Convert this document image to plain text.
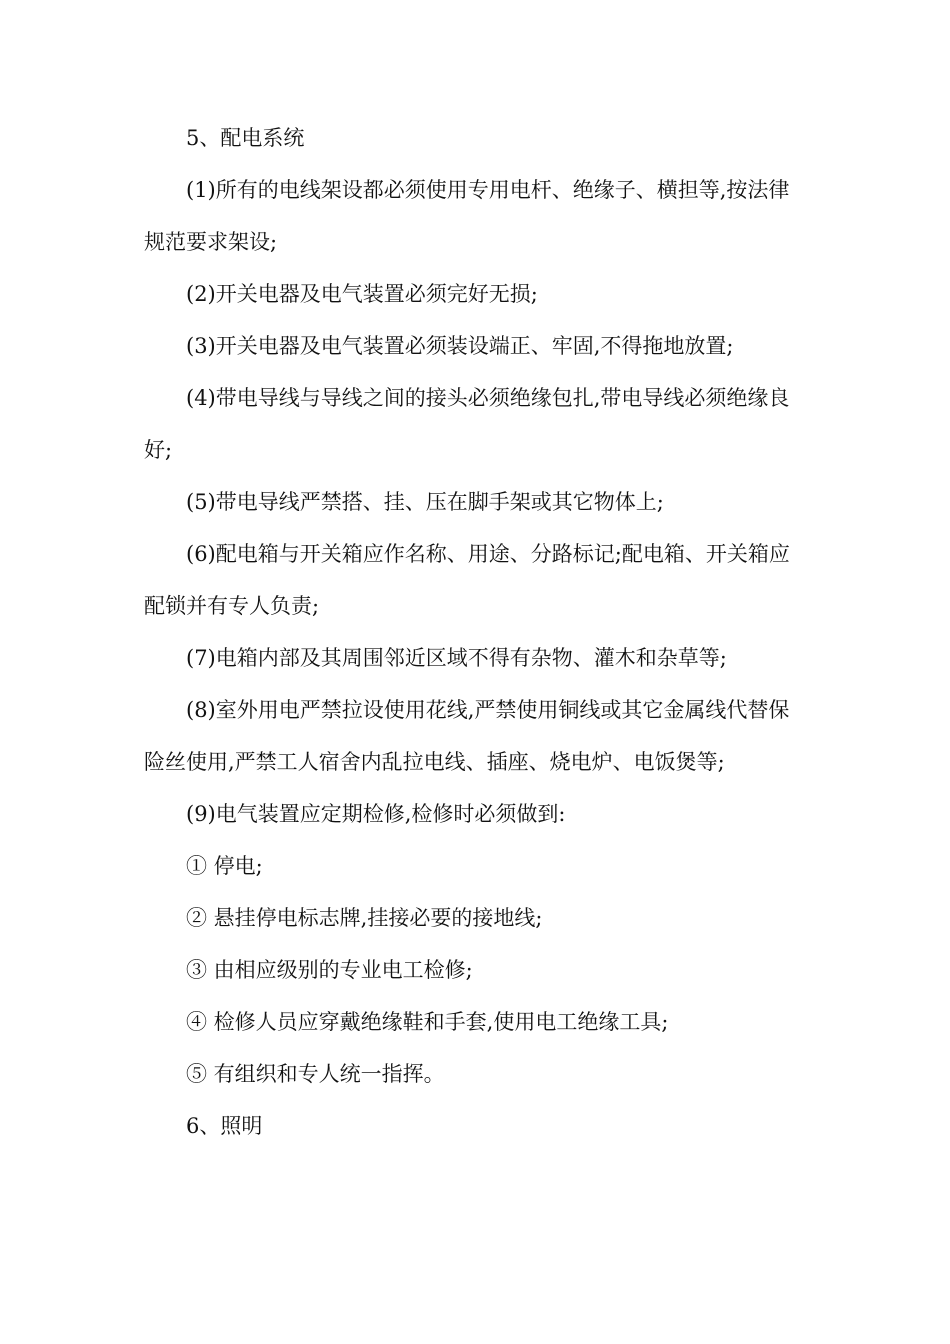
5、配电系统

(1)所有的电线架设都必须使用专用电杆、绝缘子、横担等,按法律规范要求架设;

(2)开关电器及电气装置必须完好无损;

(3)开关电器及电气装置必须装设端正、牢固,不得拖地放置;

(4)带电导线与导线之间的接头必须绝缘包扎,带电导线必须绝缘良好;

(5)带电导线严禁搭、挂、压在脚手架或其它物体上;

(6)配电箱与开关箱应作名称、用途、分路标记;配电箱、开关箱应配锁并有专人负责;

(7)电箱内部及其周围邻近区域不得有杂物、灌木和杂草等;

(8)室外用电严禁拉设使用花线,严禁使用铜线或其它金属线代替保险丝使用,严禁工人宿舍内乱拉电线、插座、烧电炉、电饭煲等;

(9)电气装置应定期检修,检修时必须做到:

① 停电;

② 悬挂停电标志牌,挂接必要的接地线;

③ 由相应级别的专业电工检修;

④ 检修人员应穿戴绝缘鞋和手套,使用电工绝缘工具;

⑤ 有组织和专人统一指挥。

6、照明
